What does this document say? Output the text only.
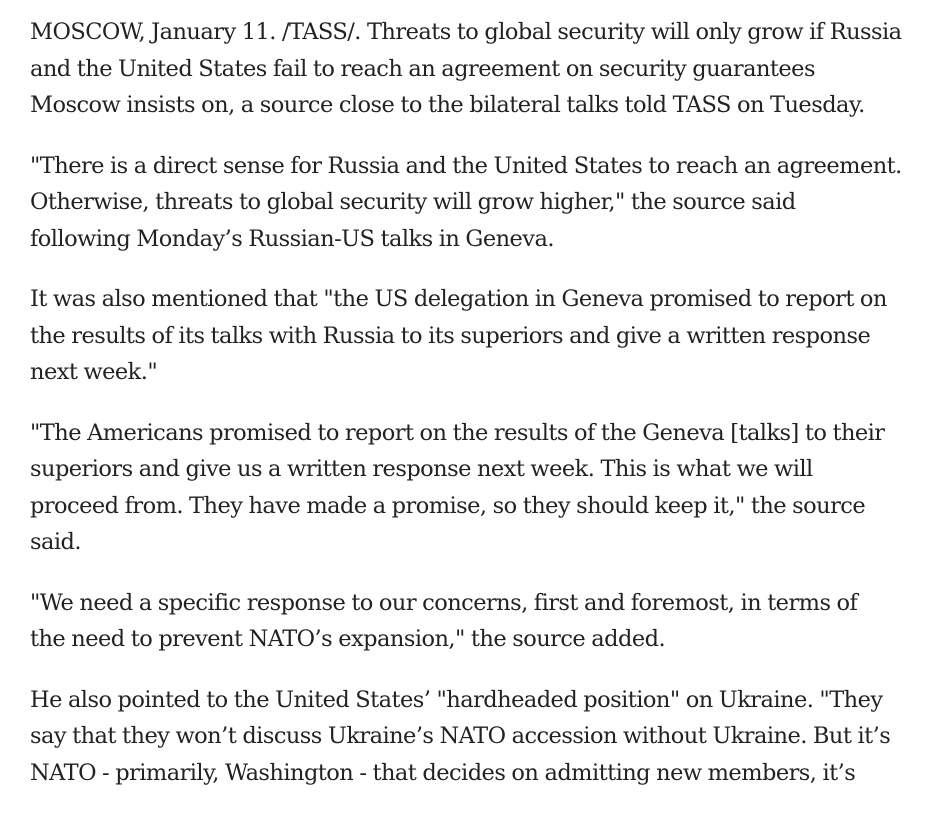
MOSCOW, January 11. /TASS/. Threats to global security will only grow if Russia
and the United States fail to reach an agreement on security guarantees
Moscow insists on, a source close to the bilateral talks told TASS on Tuesday.

"There is a direct sense for Russia and the United States to reach an agreement.
Otherwise, threats to global security will grow higher," the source said
following Monday’s Russian-US talks in Geneva.

It was also mentioned that "the US delegation in Geneva promised to report on
the results of its talks with Russia to its superiors and give a written response
next week."

"The Americans promised to report on the results of the Geneva [talks] to their
superiors and give us a written response next week. This is what we will
proceed from. They have made a promise, so they should keep it," the source
said.

"We need a specific response to our concerns, first and foremost, in terms of
the need to prevent NATO’s expansion," the source added.

He also pointed to the United States’ "hardheaded position" on Ukraine. "They
say that they won’t discuss Ukraine’s NATO accession without Ukraine. But it’s
NATO - primarily, Washington - that decides on admitting new members, it’s
